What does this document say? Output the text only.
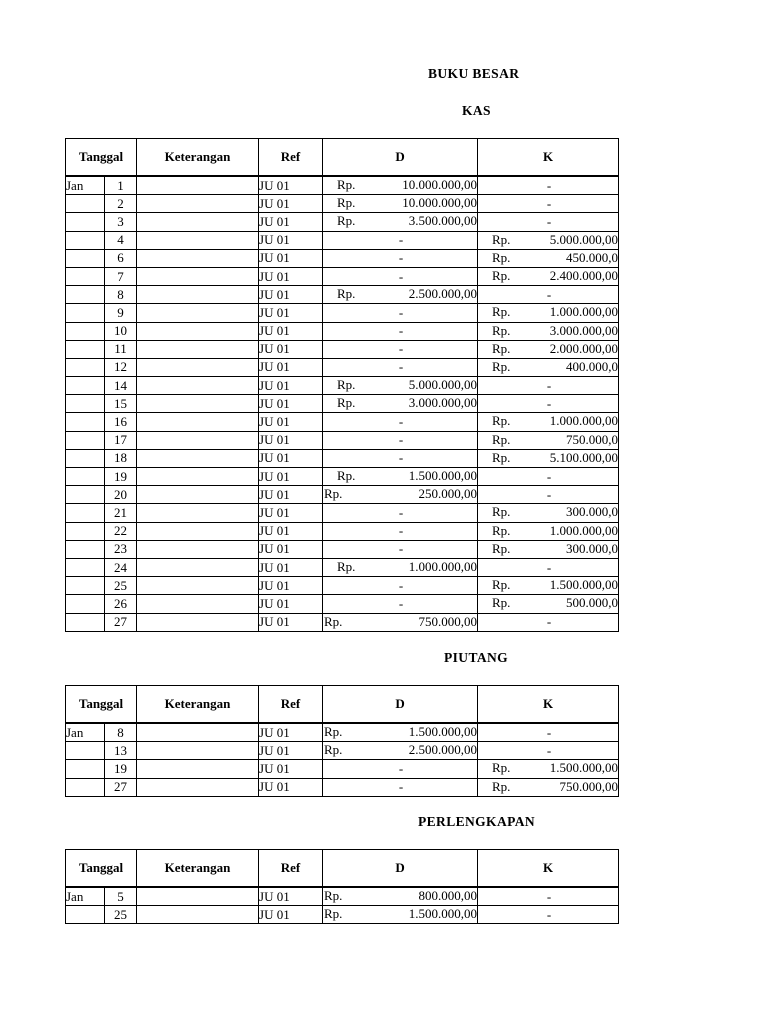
BUKU BESAR
KAS
Tanggal		Keterangan	Ref	D	K
Jan	1		JU 01	Rp. 10.000.000,00	-

	2		JU 01	Rp. 10.000.000,00	-

	3		JU 01	Rp. 3.500.000,00	-

	4		JU 01	-	Rp. 5.000.000,00

	6		JU 01	-	Rp. 450.000,0

	7		JU 01	-	Rp. 2.400.000,00

	8		JU 01	Rp. 2.500.000,00	-

	9		JU 01	-	Rp. 1.000.000,00

	10		JU 01	-	Rp. 3.000.000,00

	11		JU 01	-	Rp. 2.000.000,00

	12		JU 01	-	Rp. 400.000,0

	14		JU 01	Rp. 5.000.000,00	-

	15		JU 01	Rp. 3.000.000,00	-

	16		JU 01	-	Rp. 1.000.000,00

	17		JU 01	-	Rp. 750.000,0

	18		JU 01	-	Rp. 5.100.000,00

	19		JU 01	Rp. 1.500.000,00	-

	20		JU 01	Rp. 250.000,00	-

	21		JU 01	-	Rp. 300.000,0

	22		JU 01	-	Rp. 1.000.000,00

	23		JU 01	-	Rp. 300.000,0

	24		JU 01	Rp. 1.000.000,00	-

	25		JU 01	-	Rp. 1.500.000,00

	26		JU 01	-	Rp. 500.000,0

	27		JU 01	Rp. 750.000,00	-
PIUTANG
Tanggal		Keterangan	Ref	D	K
Jan	8		JU 01	Rp. 1.500.000,00	-

	13		JU 01	Rp. 2.500.000,00	-

	19		JU 01	-	Rp. 1.500.000,00

	27		JU 01	-	Rp. 750.000,00
PERLENGKAPAN
Tanggal		Keterangan	Ref	D	K
Jan	5		JU 01	Rp. 800.000,00	-

	25		JU 01	Rp. 1.500.000,00	-
